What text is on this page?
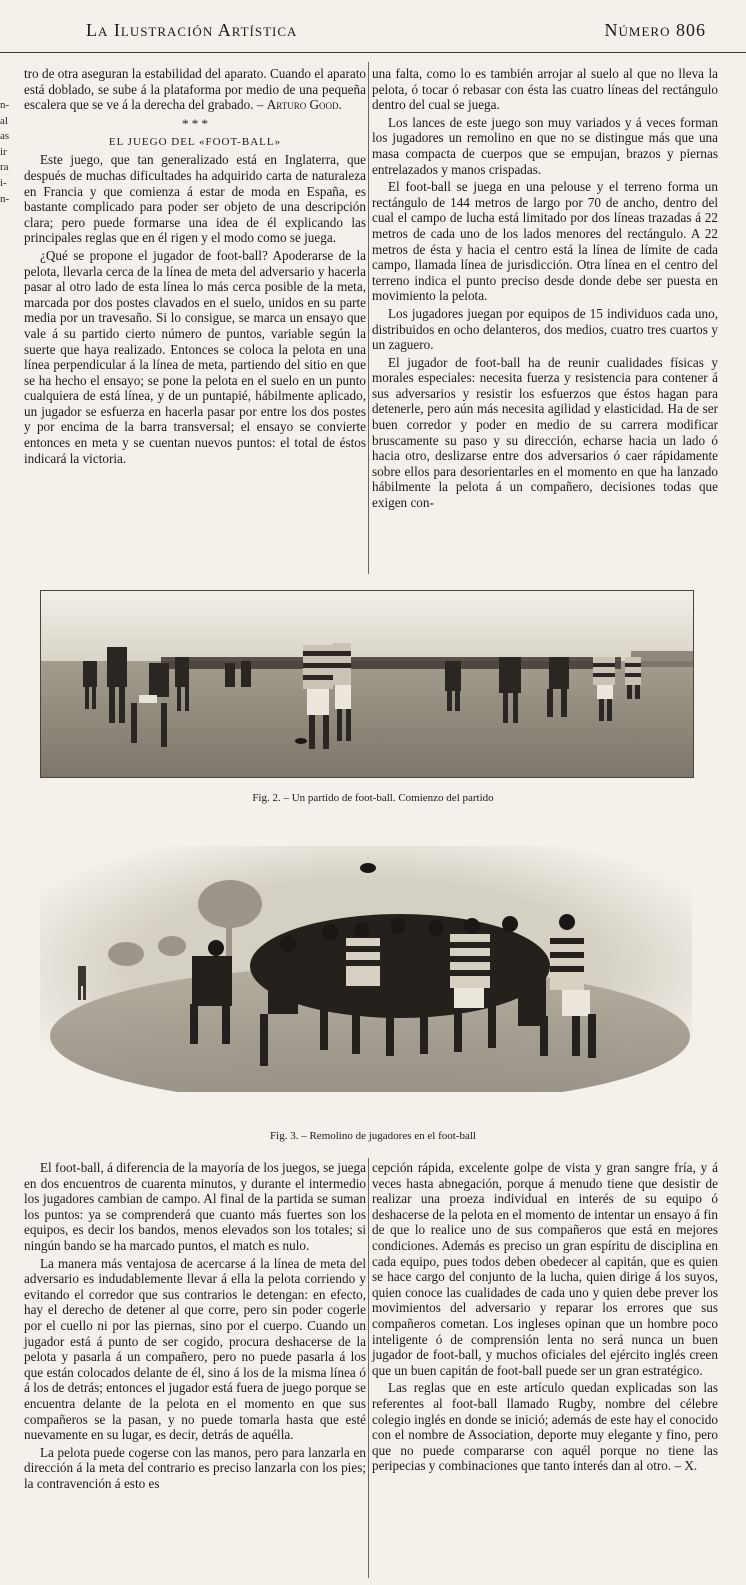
La Ilustración Artística	Número 806
n-
al
as
ir
ra
i-
n-

tro de otra aseguran la estabilidad del aparato. Cuando el aparato está doblado, se sube á la plataforma por medio de una pequeña escalera que se ve á la derecha del grabado. – Arturo Good.

* * *

EL JUEGO DEL «FOOT-BALL»

Este juego, que tan generalizado está en Inglaterra, que después de muchas dificultades ha adquirido carta de naturaleza en Francia y que comienza á estar de moda en España, es bastante complicado para poder ser objeto de una descripción clara; pero puede formarse una idea de él explicando las principales reglas que en él rigen y el modo como se juega.

¿Qué se propone el jugador de foot-ball? Apoderarse de la pelota, llevarla cerca de la línea de meta del adversario y hacerla pasar al otro lado de esta línea lo más cerca posible de la meta, marcada por dos postes clavados en el suelo, unidos en su parte media por un travesaño. Si lo consigue, se marca un ensayo que vale á su partido cierto número de puntos, variable según la suerte que haya realizado. Entonces se coloca la pelota en una línea perpendicular á la línea de meta, partiendo del sitio en que se ha hecho el ensayo; se pone la pelota en el suelo en un punto cualquiera de está línea, y de un puntapié, hábilmente aplicado, un jugador se esfuerza en hacerla pasar por entre los dos postes y por encima de la barra transversal; el ensayo se convierte entonces en meta y se cuentan nuevos puntos: el total de éstos indicará la victoria.

una falta, como lo es también arrojar al suelo al que no lleva la pelota, ó tocar ó rebasar con ésta las cuatro líneas del rectángulo dentro del cual se juega.

Los lances de este juego son muy variados y á veces forman los jugadores un remolino en que no se distingue más que una masa compacta de cuerpos que se empujan, brazos y piernas entrelazados y manos crispadas.

El foot-ball se juega en una pelouse y el terreno forma un rectángulo de 144 metros de largo por 70 de ancho, dentro del cual el campo de lucha está limitado por dos líneas trazadas á 22 metros de cada uno de los lados menores del rectángulo. A 22 metros de ésta y hacia el centro está la línea de límite de cada campo, llamada línea de jurisdicción. Otra línea en el centro del terreno indica el punto preciso desde donde debe ser puesta en movimiento la pelota.

Los jugadores juegan por equipos de 15 individuos cada uno, distribuidos en ocho delanteros, dos medios, cuatro tres cuartos y un zaguero.

El jugador de foot-ball ha de reunir cualidades físicas y morales especiales: necesita fuerza y resistencia para contener á sus adversarios y resistir los esfuerzos que éstos hagan para detenerle, pero aún más necesita agilidad y elasticidad. Ha de ser buen corredor y poder en medio de su carrera modificar bruscamente su paso y su dirección, echarse hacia un lado ó hacia otro, deslizarse entre dos adversarios ó caer rápidamente sobre ellos para desorientarles en el momento en que ha lanzado hábilmente la pelota á un compañero, decisiones todas que exigen con-

Fig. 2. – Un partido de foot-ball. Comienzo del partido
Fig. 3. – Remolino de jugadores en el foot-ball

El foot-ball, á diferencia de la mayoría de los juegos, se juega en dos encuentros de cuarenta minutos, y durante el intermedio los jugadores cambian de campo. Al final de la partida se suman los puntos: ya se comprenderá que cuanto más fuertes son los equipos, es decir los bandos, menos elevados son los totales; si ningún bando se ha marcado puntos, el match es nulo.

La manera más ventajosa de acercarse á la línea de meta del adversario es indudablemente llevar á ella la pelota corriendo y evitando el corredor que sus contrarios le detengan: en efecto, hay el derecho de detener al que corre, pero sin poder cogerle por el cuello ni por las piernas, sino por el cuerpo. Cuando un jugador está á punto de ser cogido, procura deshacerse de la pelota y pasarla á un compañero, pero no puede pasarla á los que están colocados delante de él, sino á los de la misma línea ó á los de detrás; entonces el jugador está fuera de juego porque se encuentra delante de la pelota en el momento en que sus compañeros se la pasan, y no puede tomarla hasta que esté nuevamente en su lugar, es decir, detrás de aquélla.

La pelota puede cogerse con las manos, pero para lanzarla en dirección á la meta del contrario es preciso lanzarla con los pies; la contravención á esto es

cepción rápida, excelente golpe de vista y gran sangre fría, y á veces hasta abnegación, porque á menudo tiene que desistir de realizar una proeza individual en interés de su equipo ó deshacerse de la pelota en el momento de intentar un ensayo á fin de que lo realice uno de sus compañeros que está en mejores condiciones. Además es preciso un gran espíritu de disciplina en cada equipo, pues todos deben obedecer al capitán, que es quien se hace cargo del conjunto de la lucha, quien dirige á los suyos, quien conoce las cualidades de cada uno y quien debe prever los movimientos del adversario y reparar los errores que sus compañeros cometan. Los ingleses opinan que un hombre poco inteligente ó de comprensión lenta no será nunca un buen jugador de foot-ball, y muchos oficiales del ejército inglés creen que un buen capitán de foot-ball puede ser un gran estratégico.

Las reglas que en este artículo quedan explicadas son las referentes al foot-ball llamado Rugby, nombre del célebre colegio inglés en donde se inició; además de este hay el conocido con el nombre de Association, deporte muy elegante y fino, pero que no puede compararse con aquél porque no tiene las peripecias y combinaciones que tanto interés dan al otro. – X.
